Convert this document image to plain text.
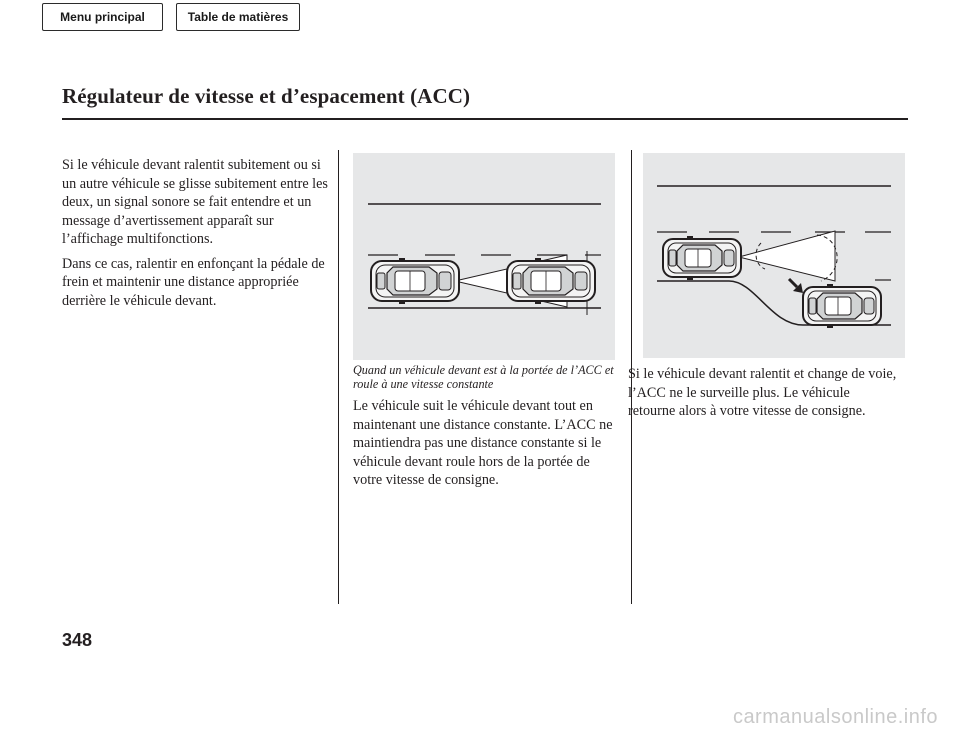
Menu principal	Table de matières
Régulateur de vitesse et d’espacement (ACC)

Si le véhicule devant ralentit subitement ou si un autre véhicule se glisse subitement entre les deux, un signal sonore se fait entendre et un message d’avertissement apparaît sur l’affichage multifonctions.

Dans ce cas, ralentir en enfonçant la pédale de frein et maintenir une distance appropriée derrière le véhicule devant.

Quand un véhicule devant est à la portée de l’ACC et roule à une vitesse constante

Le véhicule suit le véhicule devant tout en maintenant une distance constante. L’ACC ne maintiendra pas une distance constante si le véhicule devant roule hors de la portée de votre vitesse de consigne.

Si le véhicule devant ralentit et change de voie, l’ACC ne le surveille plus. Le véhicule retourne alors à votre vitesse de consigne.

348
carmanualsonline.info
